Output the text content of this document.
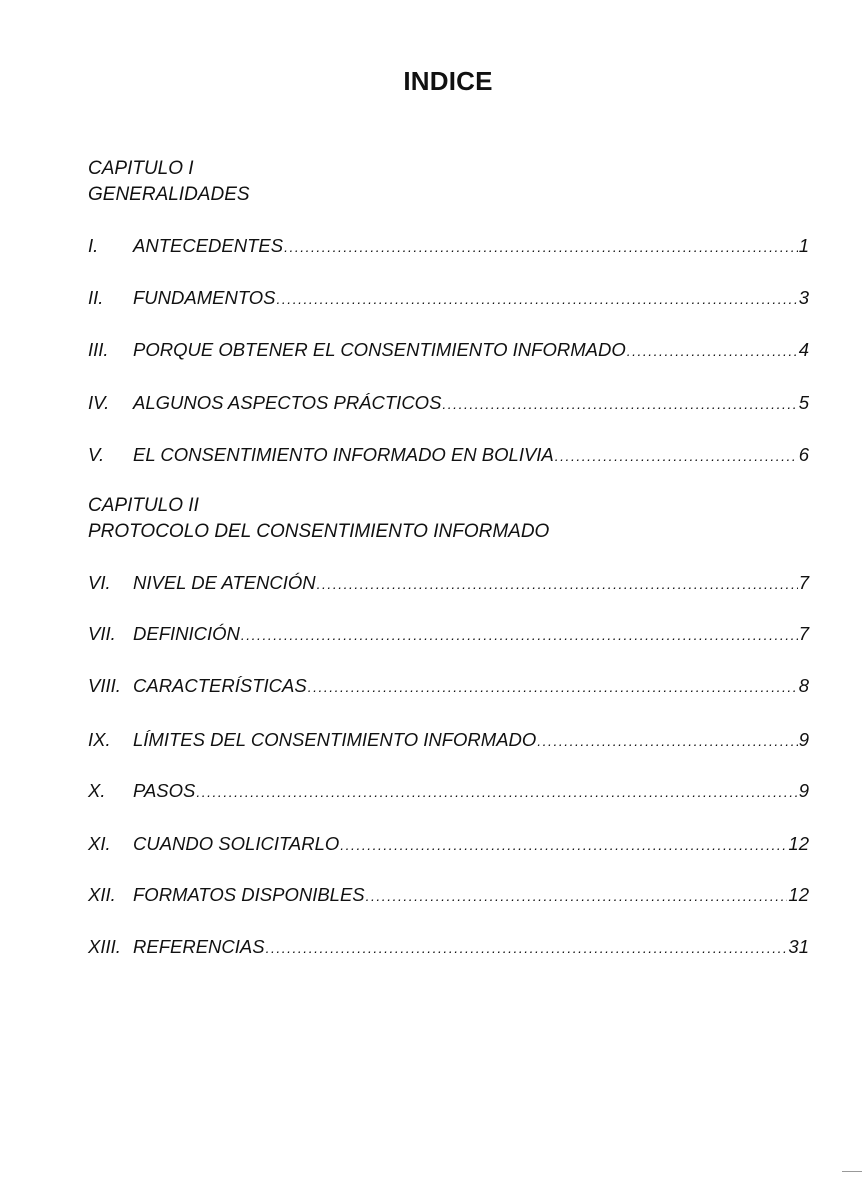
INDICE
CAPITULO I
GENERALIDADES
I.	ANTECEDENTES .....	1
II.	FUNDAMENTOS .....	3
III.	PORQUE OBTENER EL CONSENTIMIENTO INFORMADO .....	4
IV.	ALGUNOS ASPECTOS PRÁCTICOS .....	5
V.	EL CONSENTIMIENTO INFORMADO EN BOLIVIA .....	6
CAPITULO II
PROTOCOLO DEL CONSENTIMIENTO INFORMADO
VI.	NIVEL DE ATENCIÓN .....	7
VII. DEFINICIÓN .....	7
VIII. CARACTERÍSTICAS .....	8
IX.	LÍMITES DEL CONSENTIMIENTO INFORMADO .....	9
X.	PASOS .....	9
XI.	CUANDO SOLICITARLO .....	12
XII. FORMATOS DISPONIBLES .....	12
XIII. REFERENCIAS .....	31
